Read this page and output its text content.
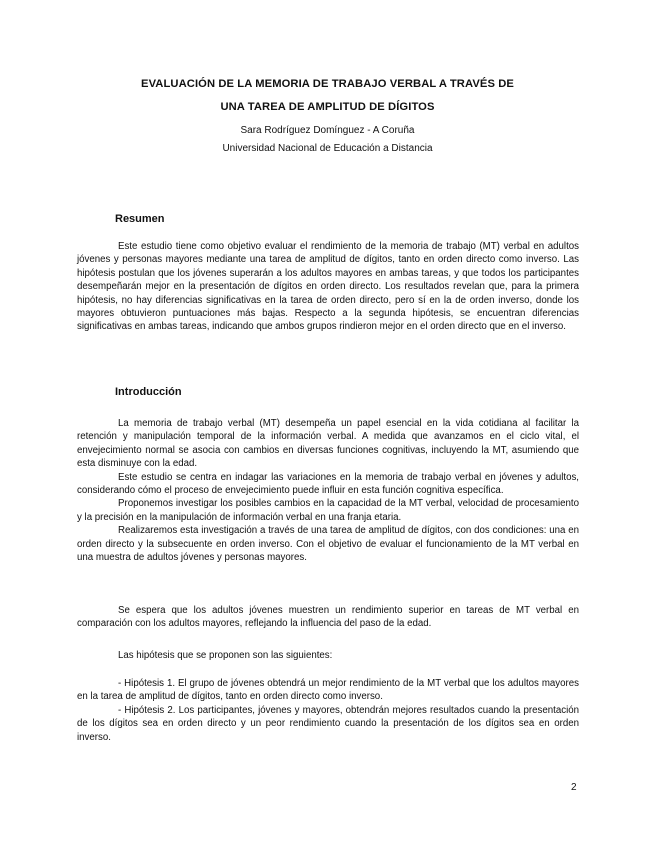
EVALUACIÓN DE LA MEMORIA DE TRABAJO VERBAL A TRAVÉS DE
UNA TAREA DE AMPLITUD DE DÍGITOS
Sara Rodríguez Domínguez - A Coruña
Universidad Nacional de Educación a Distancia
Resumen

Este estudio tiene como objetivo evaluar el rendimiento de la memoria de trabajo (MT) verbal en adultos jóvenes y personas mayores mediante una tarea de amplitud de dígitos, tanto en orden directo como inverso. Las hipótesis postulan que los jóvenes superarán a los adultos mayores en ambas tareas, y que todos los participantes desempeñarán mejor en la presentación de dígitos en orden directo. Los resultados revelan que, para la primera hipótesis, no hay diferencias significativas en la tarea de orden directo, pero sí en la de orden inverso, donde los mayores obtuvieron puntuaciones más bajas. Respecto a la segunda hipótesis, se encuentran diferencias significativas en ambas tareas, indicando que ambos grupos rindieron mejor en el orden directo que en el inverso.

Introducción

La memoria de trabajo verbal (MT) desempeña un papel esencial en la vida cotidiana al facilitar la retención y manipulación temporal de la información verbal. A medida que avanzamos en el ciclo vital, el envejecimiento normal se asocia con cambios en diversas funciones cognitivas, incluyendo la MT, asumiendo que esta disminuye con la edad.

Este estudio se centra en indagar las variaciones en la memoria de trabajo verbal en jóvenes y adultos, considerando cómo el proceso de envejecimiento puede influir en esta función cognitiva específica.

Proponemos investigar los posibles cambios en la capacidad de la MT verbal, velocidad de procesamiento y la precisión en la manipulación de información verbal en una franja etaria.

Realizaremos esta investigación a través de una tarea de amplitud de dígitos, con dos condiciones: una en orden directo y la subsecuente en orden inverso. Con el objetivo de evaluar el funcionamiento de la MT verbal en una muestra de adultos jóvenes y personas mayores.

Se espera que los adultos jóvenes muestren un rendimiento superior en tareas de MT verbal en comparación con los adultos mayores, reflejando la influencia del paso de la edad.

Las hipótesis que se proponen son las siguientes:

- Hipótesis 1. El grupo de jóvenes obtendrá un mejor rendimiento de la MT verbal que los adultos mayores en la tarea de amplitud de dígitos, tanto en orden directo como inverso.

- Hipótesis 2. Los participantes, jóvenes y mayores, obtendrán mejores resultados cuando la presentación de los dígitos sea en orden directo y un peor rendimiento cuando la presentación de los dígitos sea en orden inverso.

2
